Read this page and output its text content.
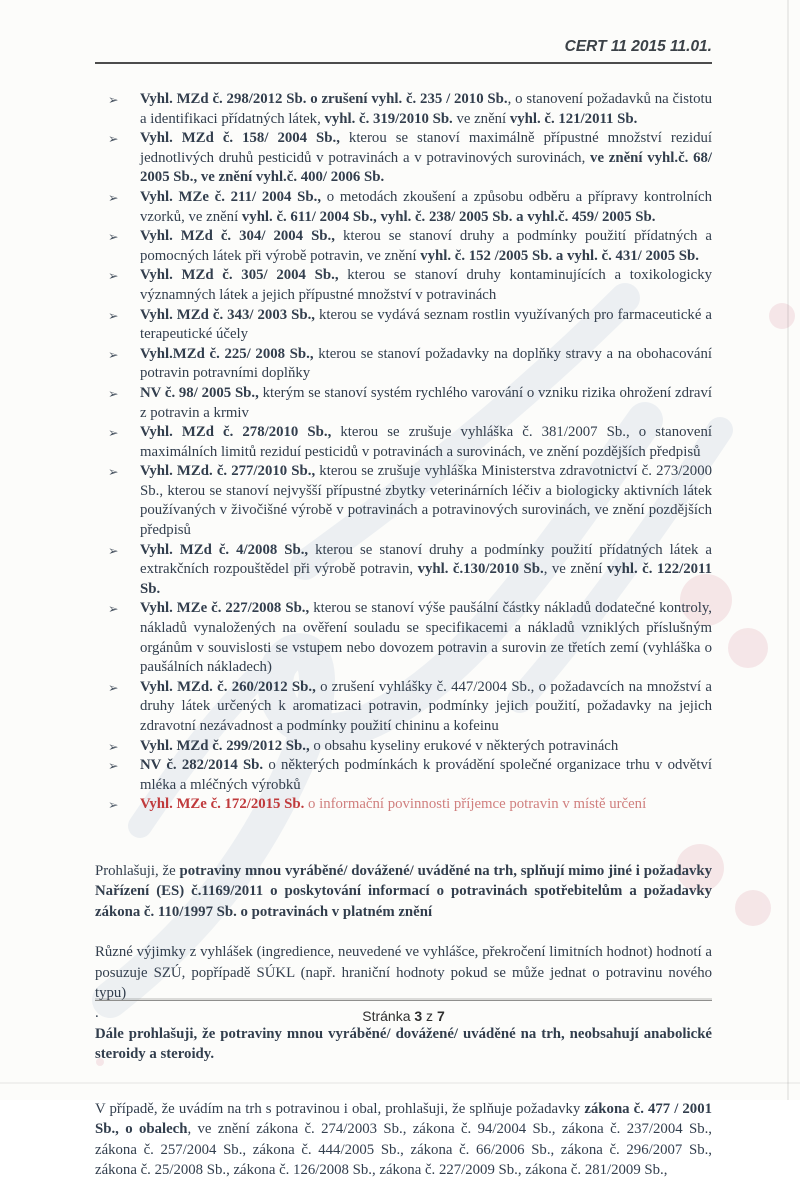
CERT 11 2015 11.01.
➢ Vyhl. MZd č. 298/2012 Sb. o zrušení vyhl. č. 235 / 2010 Sb., o stanovení požadavků na čistotu a identifikaci přídatných látek, vyhl. č. 319/2010 Sb. ve znění vyhl. č. 121/2011 Sb.
➢ Vyhl. MZd č. 158/ 2004 Sb., kterou se stanoví maximálně přípustné množství reziduí jednotlivých druhů pesticidů v potravinách a v potravinových surovinách, ve znění vyhl.č. 68/ 2005 Sb., ve znění vyhl.č. 400/ 2006 Sb.
➢ Vyhl. MZe č. 211/ 2004 Sb., o metodách zkoušení a způsobu odběru a přípravy kontrolních vzorků, ve znění vyhl. č. 611/ 2004 Sb., vyhl. č. 238/ 2005 Sb. a vyhl.č. 459/ 2005 Sb.
➢ Vyhl. MZd č. 304/ 2004 Sb., kterou se stanoví druhy a podmínky použití přídatných a pomocných látek při výrobě potravin, ve znění vyhl. č. 152 /2005 Sb. a vyhl. č. 431/ 2005 Sb.
➢ Vyhl. MZd č. 305/ 2004 Sb., kterou se stanoví druhy kontaminujících a toxikologicky významných látek a jejich přípustné množství v potravinách
➢ Vyhl. MZd č. 343/ 2003 Sb., kterou se vydává seznam rostlin využívaných pro farmaceutické a terapeutické účely
➢ Vyhl.MZd č. 225/ 2008 Sb., kterou se stanoví požadavky na doplňky stravy a na obohacování potravin potravními doplňky
➢ NV č. 98/ 2005 Sb., kterým se stanoví systém rychlého varování o vzniku rizika ohrožení zdraví z potravin a krmiv
➢ Vyhl. MZd č. 278/2010 Sb., kterou se zrušuje vyhláška č. 381/2007 Sb., o stanovení maximálních limitů reziduí pesticidů v potravinách a surovinách, ve znění pozdějších předpisů
➢ Vyhl. MZd. č. 277/2010 Sb., kterou se zrušuje vyhláška Ministerstva zdravotnictví č. 273/2000 Sb., kterou se stanoví nejvyšší přípustné zbytky veterinárních léčiv a biologicky aktivních látek používaných v živočišné výrobě v potravinách a potravinových surovinách, ve znění pozdějších předpisů
➢ Vyhl. MZd č. 4/2008 Sb., kterou se stanoví druhy a podmínky použití přídatných látek a extrakčních rozpouštědel při výrobě potravin, vyhl. č.130/2010 Sb., ve znění vyhl. č. 122/2011 Sb.
➢ Vyhl. MZe č. 227/2008 Sb., kterou se stanoví výše paušální částky nákladů dodatečné kontroly, nákladů vynaložených na ověření souladu se specifikacemi a nákladů vzniklých příslušným orgánům v souvislosti se vstupem nebo dovozem potravin a surovin ze třetích zemí (vyhláška o paušálních nákladech)
➢ Vyhl. MZd. č. 260/2012 Sb., o zrušení vyhlášky č. 447/2004 Sb., o požadavcích na množství a druhy látek určených k aromatizaci potravin, podmínky jejich použití, požadavky na jejich zdravotní nezávadnost a podmínky použití chininu a kofeinu
➢ Vyhl. MZd č. 299/2012 Sb., o obsahu kyseliny erukové v některých potravinách
➢ NV č. 282/2014 Sb. o některých podmínkách k provádění společné organizace trhu v odvětví mléka a mléčných výrobků
➢ Vyhl. MZe č. 172/2015 Sb. o informační povinnosti příjemce potravin v místě určení

Prohlašuji, že potraviny mnou vyráběné/ dovážené/ uváděné na trh, splňují mimo jiné i požadavky Nařízení (ES) č.1169/2011 o poskytování informací o potravinách spotřebitelům a požadavky zákona č. 110/1997 Sb. o potravinách v platném znění

Různé výjimky z vyhlášek (ingredience, neuvedené ve vyhlášce, překročení limitních hodnot) hodnotí a posuzuje SZÚ, popřípadě SÚKL (např. hraniční hodnoty pokud se může jednat o potravinu nového typu)

.

Dále prohlašuji, že potraviny mnou vyráběné/ dovážené/ uváděné na trh, neobsahují anabolické steroidy a steroidy.

V případě, že uvádím na trh s potravinou i obal, prohlašuji, že splňuje požadavky zákona č. 477 / 2001 Sb., o obalech, ve znění zákona č. 274/2003 Sb., zákona č. 94/2004 Sb., zákona č. 237/2004 Sb., zákona č. 257/2004 Sb., zákona č. 444/2005 Sb., zákona č. 66/2006 Sb., zákona č. 296/2007 Sb., zákona č. 25/2008 Sb., zákona č. 126/2008 Sb., zákona č. 227/2009 Sb., zákona č. 281/2009 Sb.,

Stránka 3 z 7
